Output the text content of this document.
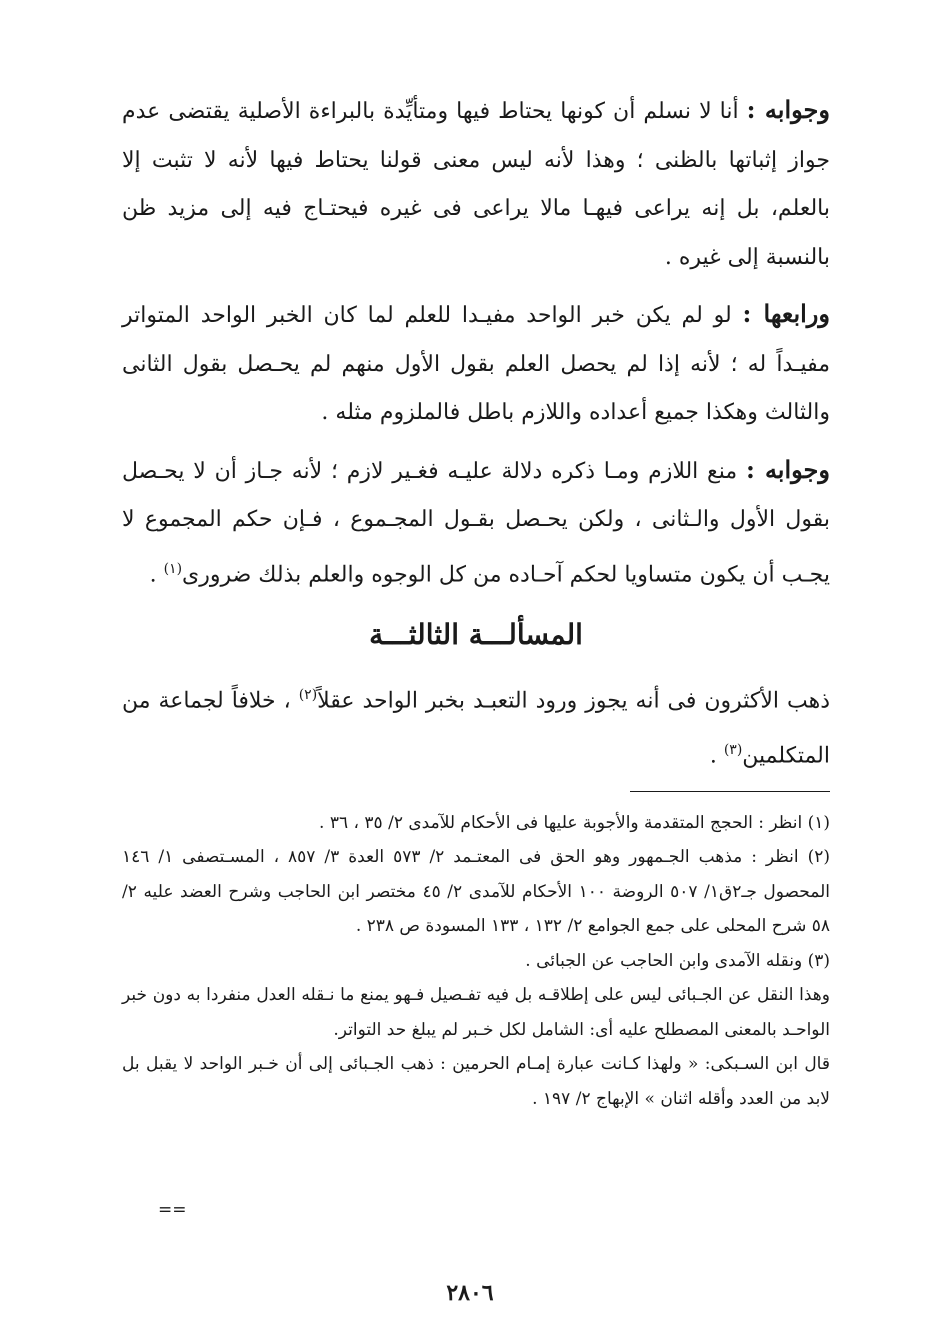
وجوابه : أنا لا نسلم أن كونها يحتاط فيها ومتأيِّدة بالبراءة الأصلية يقتضى عدم جواز إثباتها بالظنى ؛ وهذا لأنه ليس معنى قولنا يحتاط فيها لأنه لا تثبت إلا بالعلم، بل إنه يراعى فيهـا مالا يراعى فى غيره فيحتـاج فيه إلى مزيد ظن بالنسبة إلى غيره .

ورابعها : لو لم يكن خبر الواحد مفيـدا للعلم لما كان الخبر الواحد المتواتر مفيـداً له ؛ لأنه إذا لم يحصل العلم بقول الأول منهم لم يحـصل بقول الثانى والثالث وهكذا جميع أعداده واللازم باطل فالملزوم مثله .

وجوابه : منع اللازم ومـا ذكره دلالة عليـه فغـير لازم ؛ لأنه جـاز أن لا يحـصل بقول الأول والـثانى ، ولكن يحـصل بقـول المجـموع ، فـإن حكم المجموع لا يجـب أن يكون متساويا لحكم آحـاده من كل الوجوه والعلم بذلك ضرورى$^{(١)}$ .

المسألـــة الثالثـــة

ذهب الأكثرون فى أنه يجوز ورود التعبـد بخبر الواحد عقلاً$^{(٢)}$ ، خلافاً لجماعة من المتكلمين$^{(٣)}$ .

(١) انظر : الحجج المتقدمة والأجوبة عليها فى الأحكام للآمدى ٢/ ٣٥ ، ٣٦ .

(٢) انظر : مذهب الجـمهور وهو الحق فى المعتـمد ٢/ ٥٧٣ العدة ٣/ ٨٥٧ ، المسـتصفى ١/ ١٤٦ المحصول جـ٢ق١/ ٥٠٧ الروضة ١٠٠ الأحكام للآمدى ٢/ ٤٥ مختصر ابن الحاجب وشرح العضد عليه ٢/ ٥٨ شرح المحلى على جمع الجوامع ٢/ ١٣٢ ، ١٣٣ المسودة ص ٢٣٨ .

(٣) ونقله الآمدى وابن الحاجب عن الجبائى .

وهذا النقل عن الجـبائى ليس على إطلاقـه بل فيه تفـصيل فـهو يمنع ما نـقله العدل منفردا به دون خبر الواحـد بالمعنى المصطلح عليه أى: الشامل لكل خـبر لم يبلغ حد التواتر.

قال ابن السـبكى: « ولهذا كـانت عبارة إمـام الحرمين : ذهب الجـبائى إلى أن خـبر الواحد لا يقبل بل لابد من العدد وأقله اثنان » الإبهاج ٢/ ١٩٧ .

==
٢٨٠٦
